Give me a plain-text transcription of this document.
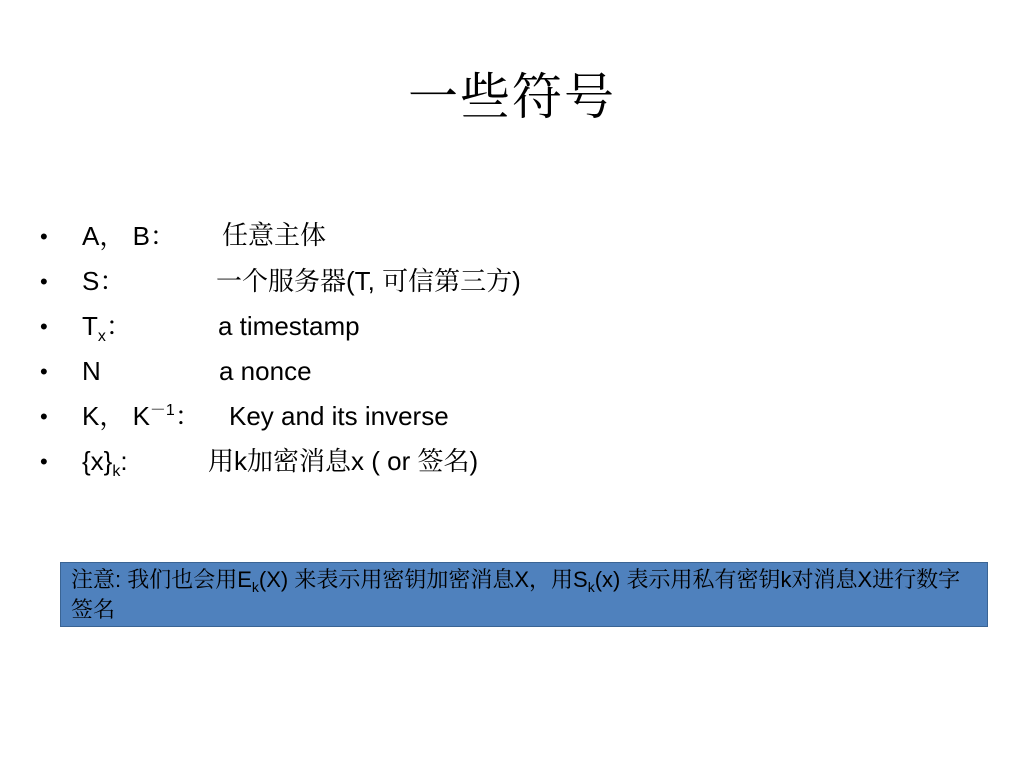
一些符号
•	A， B： 任意主体
•	S：	一个服务器(T, 可信第三方)
•	$T_x$：	a timestamp
•	N	a nonce
•	K， $K^{-1}$： Key and its inverse
•	$\{x\}_k$:	用k加密消息x ( or 签名)
注意: 我们也会用$E_k(X)$ 来表示用密钥加密消息X，用$S_k(x)$ 表示用私有密钥k对消息X进行数字签名
